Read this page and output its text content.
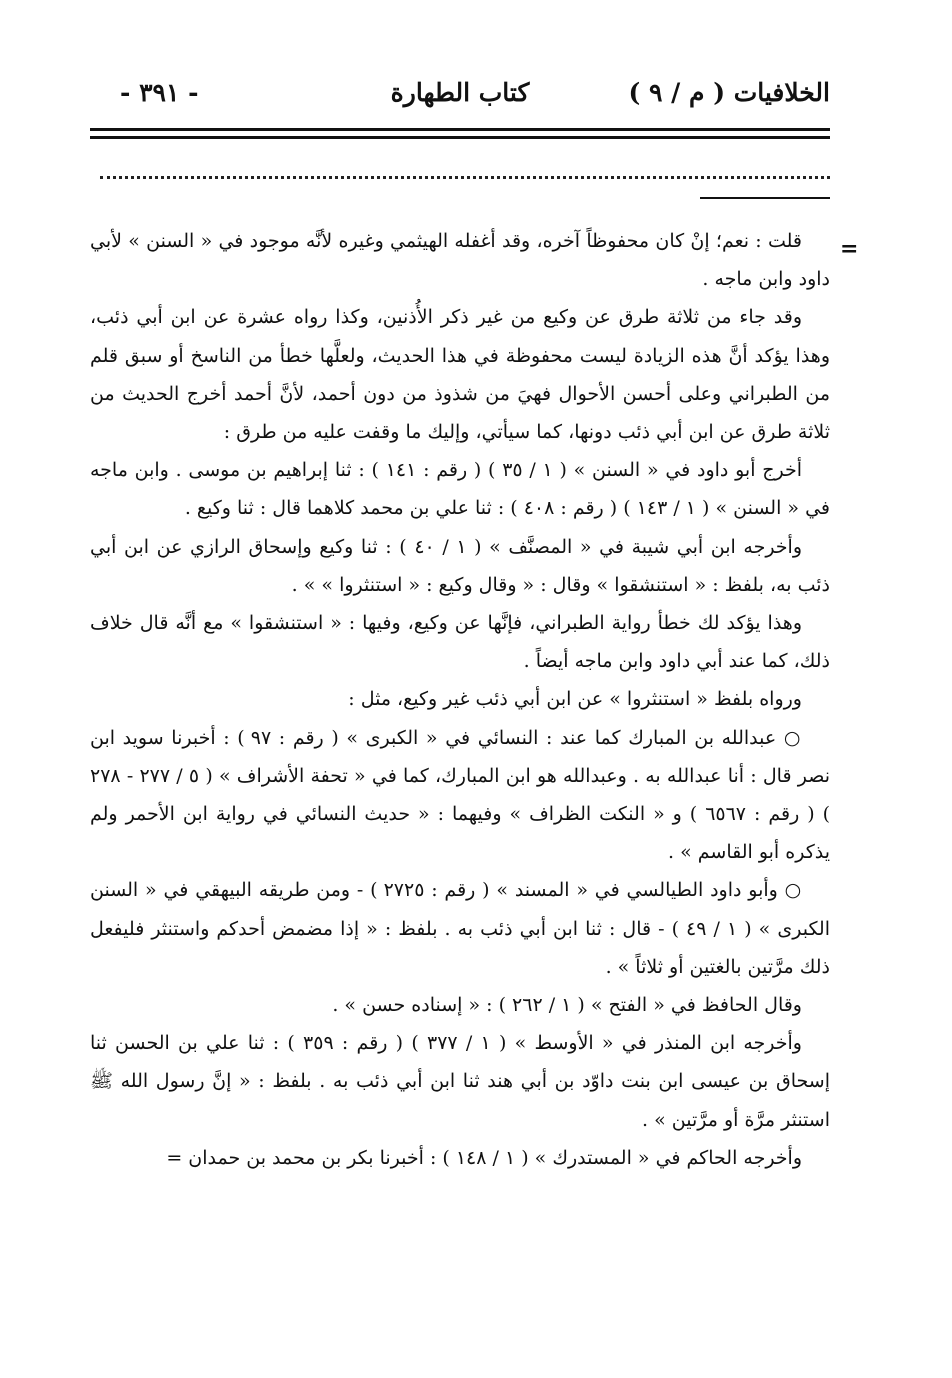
الخلافيات ( م / ٩ )
كتاب الطهارة
- ٣٩١ -
=

قلت : نعم؛ إنْ كان محفوظاً آخره، وقد أغفله الهيثمي وغيره لأنَّه موجود في « السنن » لأبي داود وابن ماجه .

وقد جاء من ثلاثة طرق عن وكيع من غير ذكر الأُذنين، وكذا رواه عشرة عن ابن أبي ذئب، وهذا يؤكد أنَّ هذه الزيادة ليست محفوظة في هذا الحديث، ولعلَّها خطأ من الناسخ أو سبق قلم من الطبراني وعلى أحسن الأحوال فهيَ من شذوذ من دون أحمد، لأنَّ أحمد أخرج الحديث من ثلاثة طرق عن ابن أبي ذئب دونها، كما سيأتي، وإليك ما وقفت عليه من طرق :

أخرج أبو داود في « السنن » ( ١ / ٣٥ ) ( رقم : ١٤١ ) : ثنا إبراهيم بن موسى . وابن ماجه في « السنن » ( ١ / ١٤٣ ) ( رقم : ٤٠٨ ) : ثنا علي بن محمد كلاهما قال : ثنا وكيع .

وأخرجه ابن أبي شيبة في « المصنَّف » ( ١ / ٤٠ ) : ثنا وكيع وإسحاق الرازي عن ابن أبي ذئب به، بلفظ : « استنشقوا » وقال : « وقال وكيع : « استنثروا » » .

وهذا يؤكد لك خطأ رواية الطبراني، فإنَّها عن وكيع، وفيها : « استنشقوا » مع أنَّه قال خلاف ذلك، كما عند أبي داود وابن ماجه أيضاً .

ورواه بلفظ « استنثروا » عن ابن أبي ذئب غير وكيع، مثل :

○ عبدالله بن المبارك كما عند : النسائي في « الكبرى » ( رقم : ٩٧ ) : أخبرنا سويد ابن نصر قال : أنا عبدالله به . وعبدالله هو ابن المبارك، كما في « تحفة الأشراف » ( ٥ / ٢٧٧ - ٢٧٨ ) ( رقم : ٦٥٦٧ ) و « النكت الظراف » وفيهما : « حديث النسائي في رواية ابن الأحمر ولم يذكره أبو القاسم » .

○ وأبو داود الطيالسي في « المسند » ( رقم : ٢٧٢٥ ) - ومن طريقه البيهقي في « السنن الكبرى » ( ١ / ٤٩ ) - قال : ثنا ابن أبي ذئب به . بلفظ : « إذا مضمض أحدكم واستنثر فليفعل ذلك مرَّتين بالغتين أو ثلاثاً » .

وقال الحافظ في « الفتح » ( ١ / ٢٦٢ ) : « إسناده حسن » .

وأخرجه ابن المنذر في « الأوسط » ( ١ / ٣٧٧ ) ( رقم : ٣٥٩ ) : ثنا علي بن الحسن ثنا إسحاق بن عيسى ابن بنت داوّد بن أبي هند ثنا ابن أبي ذئب به . بلفظ : « إنَّ رسول الله ﷺ استنثر مرَّة أو مرَّتين » .

وأخرجه الحاكم في « المستدرك » ( ١ / ١٤٨ ) : أخبرنا بكر بن محمد بن حمدان =
